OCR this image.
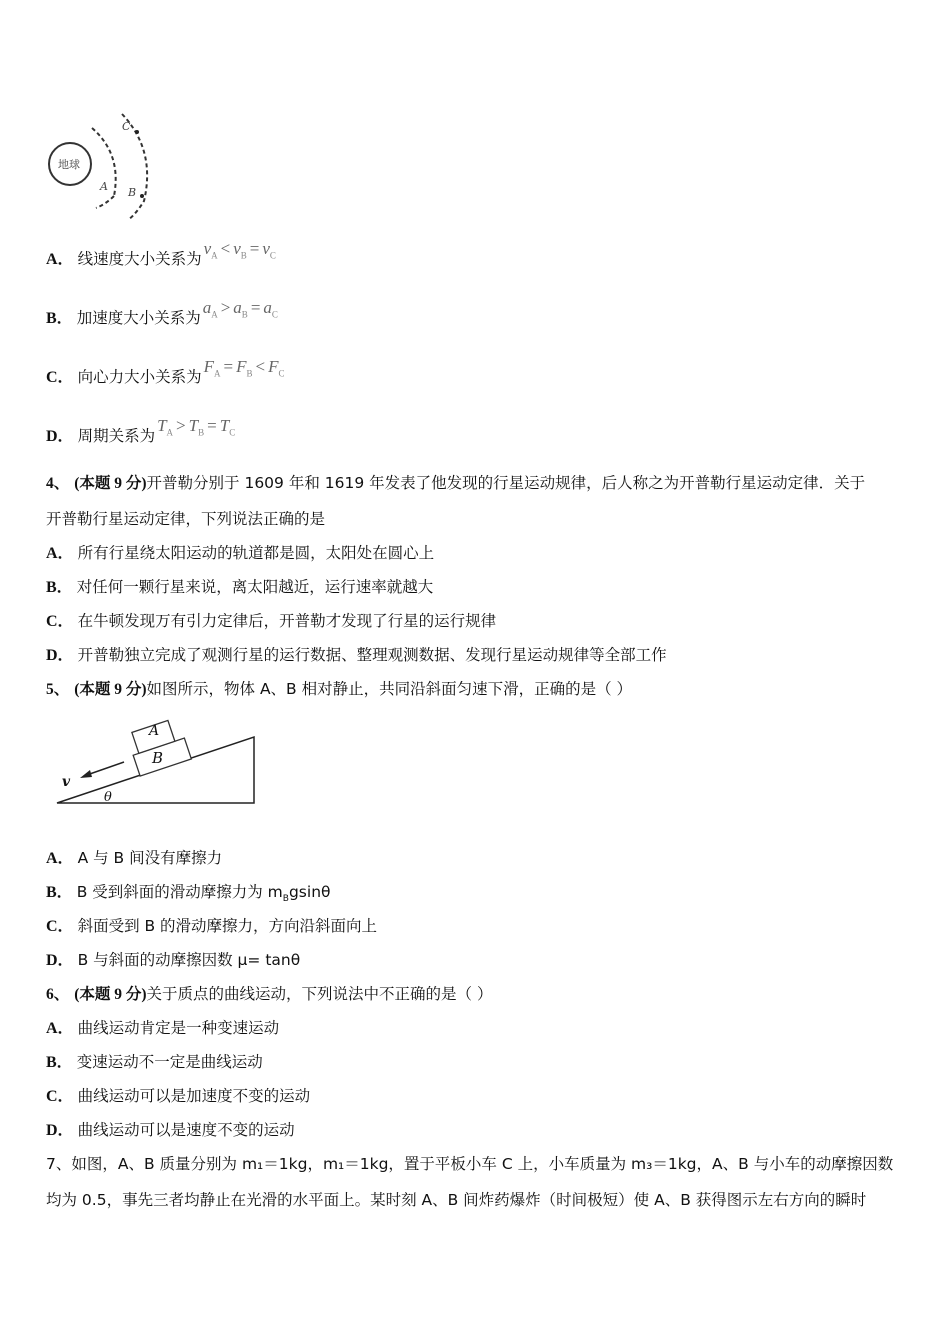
地球
A B
C
A． 线速度大小关系为$v_A < v_B = v_C$
B． 加速度大小关系为$a_A > a_B = a_C$
C． 向心力大小关系为$F_A = F_B < F_C$
D． 周期关系为$T_A > T_B = T_C$
4、 (本题 9 分)开普勒分别于 1609 年和 1619 年发表了他发现的行星运动规律，后人称之为开普勒行星运动定律．关于
开普勒行星运动定律，下列说法正确的是
A． 所有行星绕太阳运动的轨道都是圆，太阳处在圆心上
B． 对任何一颗行星来说，离太阳越近，运行速率就越大
C． 在牛顿发现万有引力定律后，开普勒才发现了行星的运行规律
D． 开普勒独立完成了观测行星的运行数据、整理观测数据、发现行星运动规律等全部工作
5、 (本题 9 分)如图所示，物体 A、B 相对静止，共同沿斜面匀速下滑，正确的是（ ）
A
B
v
θ
A． A 与 B 间没有摩擦力
B． B 受到斜面的滑动摩擦力为 $m_Bgsin\theta$
C． 斜面受到 B 的滑动摩擦力，方向沿斜面向上
D． B 与斜面的动摩擦因数 μ= tanθ
6、 (本题 9 分)关于质点的曲线运动，下列说法中不正确的是（ ）
A． 曲线运动肯定是一种变速运动
B． 变速运动不一定是曲线运动
C． 曲线运动可以是加速度不变的运动
D． 曲线运动可以是速度不变的运动
7、如图，A、B 质量分别为 m₁＝1kg，m₁＝1kg，置于平板小车 C 上，小车质量为 m₃＝1kg，A、B 与小车的动摩擦因数
均为 0.5，事先三者均静止在光滑的水平面上。某时刻 A、B 间炸药爆炸（时间极短）使 A、B 获得图示左右方向的瞬时
